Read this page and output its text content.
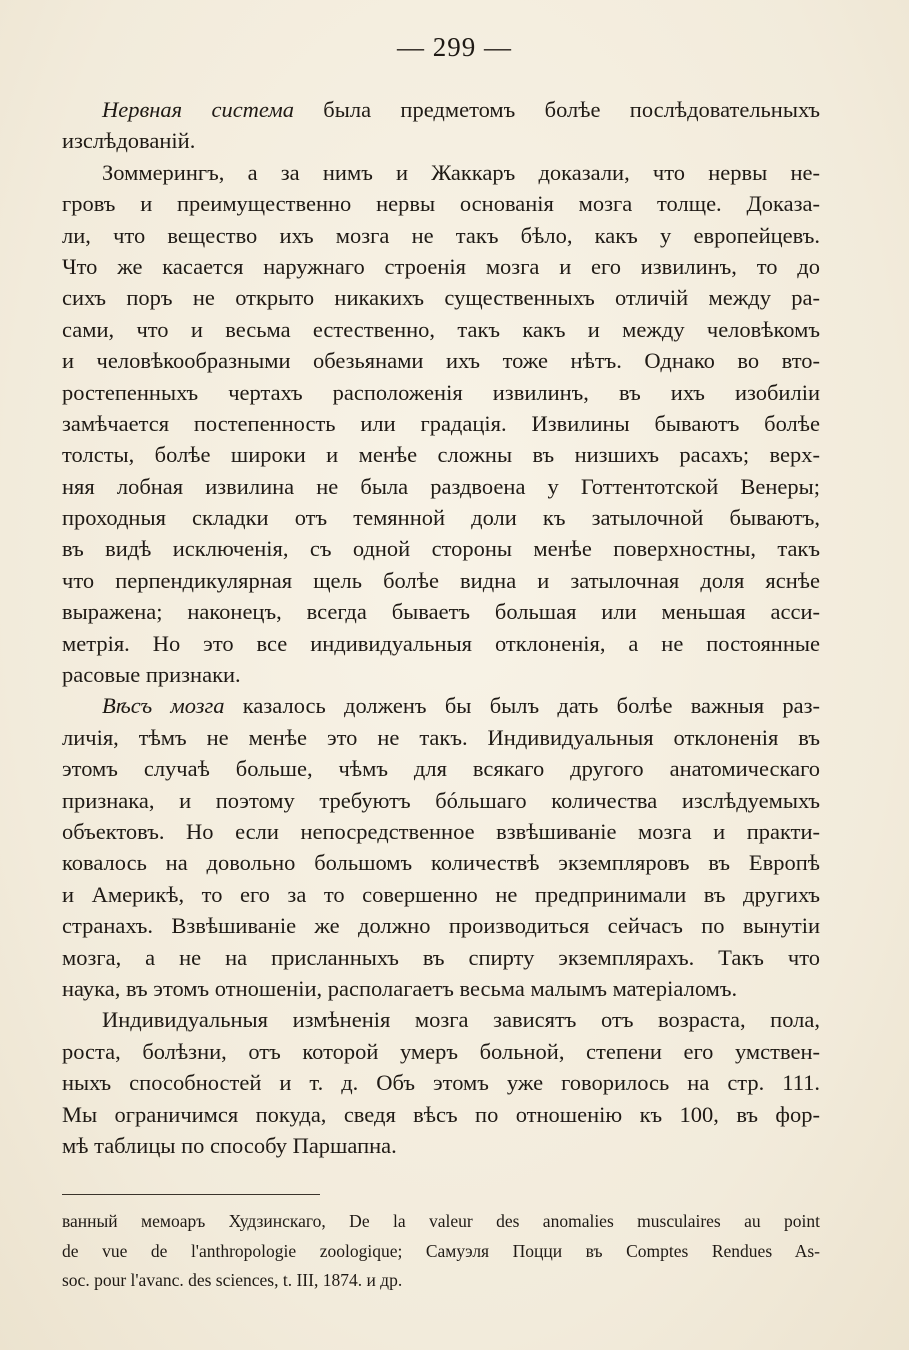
— 299 —
Нервная система была предметомъ болѣе послѣдовательныхъ
изслѣдованій.
Зоммерингъ, а за нимъ и Жаккаръ доказали, что нервы не-
гровъ и преимущественно нервы основанія мозга толще. Доказа-
ли, что вещество ихъ мозга не такъ бѣло, какъ у европейцевъ.
Что же касается наружнаго строенія мозга и его извилинъ, то до
сихъ поръ не открыто никакихъ существенныхъ отличій между ра-
сами, что и весьма естественно, такъ какъ и между человѣкомъ
и человѣкообразными обезьянами ихъ тоже нѣтъ. Однако во вто-
ростепенныхъ чертахъ расположенія извилинъ, въ ихъ изобиліи
замѣчается постепенность или градація. Извилины бываютъ болѣе
толсты, болѣе широки и менѣе сложны въ низшихъ расахъ; верх-
няя лобная извилина не была раздвоена у Готтентотской Венеры;
проходныя складки отъ темянной доли къ затылочной бываютъ,
въ видѣ исключенія, съ одной стороны менѣе поверхностны, такъ
что перпендикулярная щель болѣе видна и затылочная доля яснѣе
выражена; наконецъ, всегда бываетъ большая или меньшая асси-
метрія. Но это все индивидуальныя отклоненія, а не постоянные
расовые признаки.
Вѣсъ мозга казалось долженъ бы былъ дать болѣе важныя раз-
личія, тѣмъ не менѣе это не такъ. Индивидуальныя отклоненія въ
этомъ случаѣ больше, чѣмъ для всякаго другого анатомическаго
признака, и поэтому требуютъ бóльшаго количества изслѣдуемыхъ
объектовъ. Но если непосредственное взвѣшиваніе мозга и практи-
ковалось на довольно большомъ количествѣ экземпляровъ въ Европѣ
и Америкѣ, то его за то совершенно не предпринимали въ другихъ
странахъ. Взвѣшиваніе же должно производиться сейчасъ по вынутіи
мозга, а не на присланныхъ въ спирту экземплярахъ. Такъ что
наука, въ этомъ отношеніи, располагаетъ весьма малымъ матеріаломъ.
Индивидуальныя измѣненія мозга зависятъ отъ возраста, пола,
роста, болѣзни, отъ которой умеръ больной, степени его умствен-
ныхъ способностей и т. д. Объ этомъ уже говорилось на стр. 111.
Мы ограничимся покуда, сведя вѣсъ по отношенію къ 100, въ фор-
мѣ таблицы по способу Паршапна.
ванный мемоаръ Худзинскаго, De la valeur des anomalies musculaires au point
de vue de l'anthropologie zoologique; Самуэля Поцци въ Comptes Rendues As-
soc. pour l'avanc. des sciences, t. III, 1874. и др.
